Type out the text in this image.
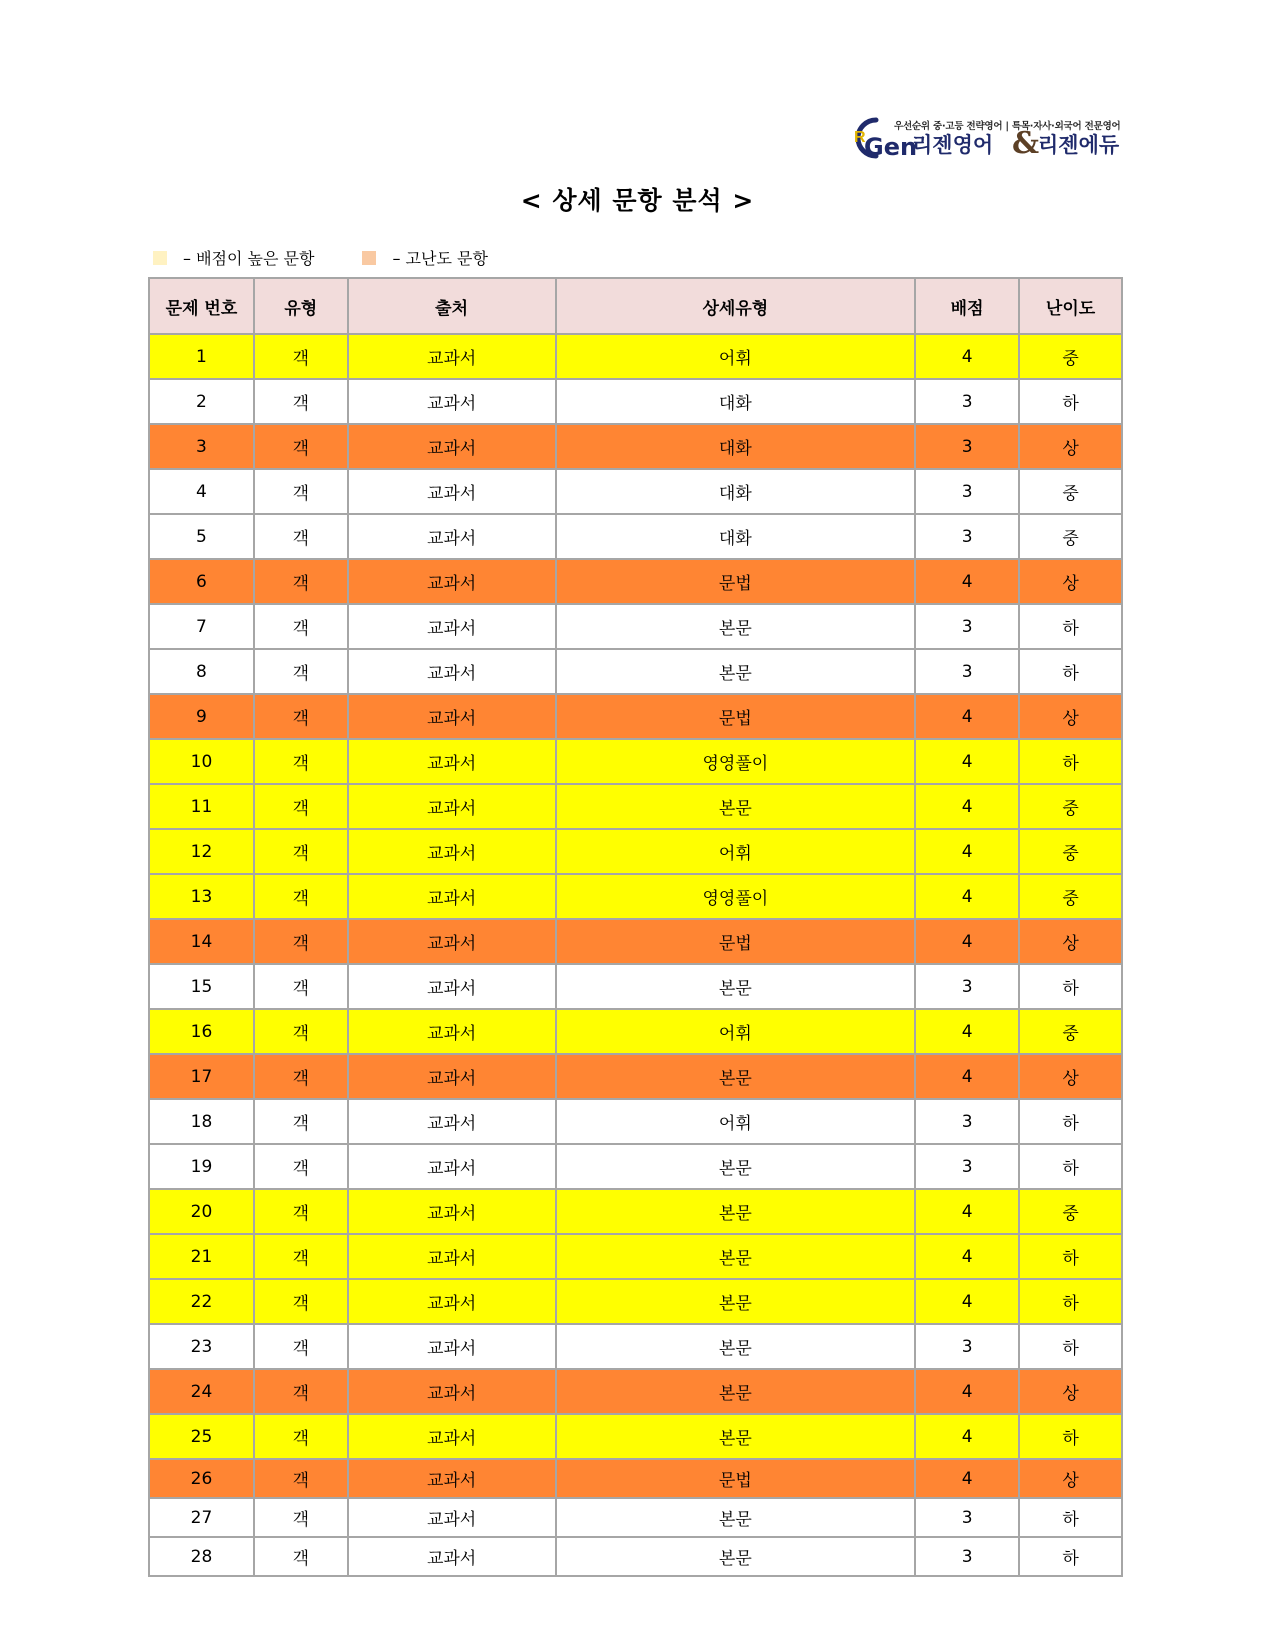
R
우선순위 중·고등 전략영어 | 특목·자사·외국어 전문영어
Gen
리젠영어 &
리젠에듀
< 상세 문항 분석 >
– 배점이 높은 문항	– 고난도 문항
문제 번호	유형	출처	상세유형	배점	난이도
1	객	교과서	어휘	4	중
2	객	교과서	대화	3	하
3	객	교과서	대화	3	상
4	객	교과서	대화	3	중
5	객	교과서	대화	3	중
6	객	교과서	문법	4	상
7	객	교과서	본문	3	하
8	객	교과서	본문	3	하
9	객	교과서	문법	4	상
10	객	교과서	영영풀이	4	하
11	객	교과서	본문	4	중
12	객	교과서	어휘	4	중
13	객	교과서	영영풀이	4	중
14	객	교과서	문법	4	상
15	객	교과서	본문	3	하
16	객	교과서	어휘	4	중
17	객	교과서	본문	4	상
18	객	교과서	어휘	3	하
19	객	교과서	본문	3	하
20	객	교과서	본문	4	중
21	객	교과서	본문	4	하
22	객	교과서	본문	4	하
23	객	교과서	본문	3	하
24	객	교과서	본문	4	상
25	객	교과서	본문	4	하
26	객	교과서	문법	4	상
27	객	교과서	본문	3	하
28	객	교과서	본문	3	하
